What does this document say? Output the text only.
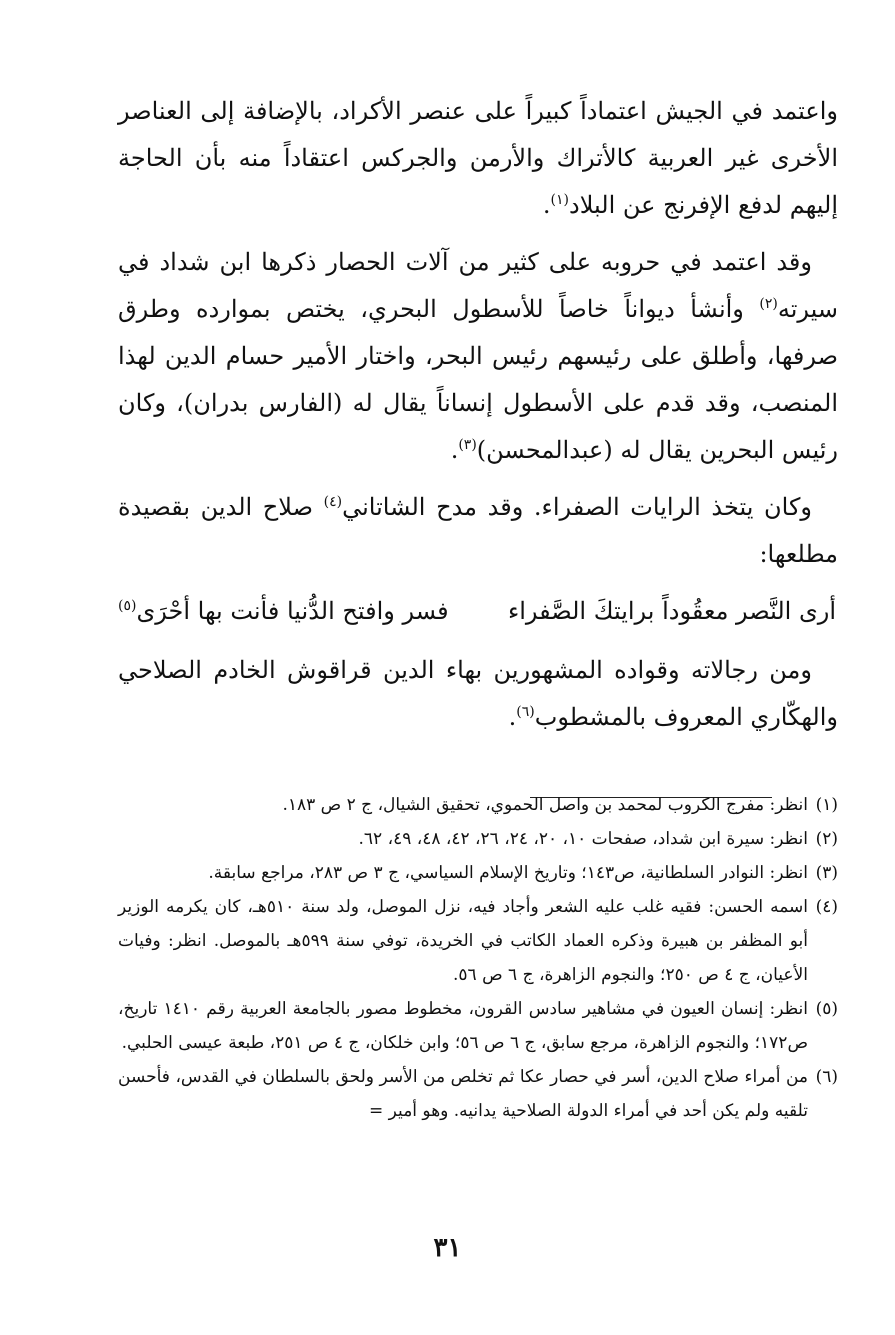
واعتمد في الجيش اعتماداً كبيراً على عنصر الأكراد، بالإضافة إلى العناصر الأخرى غير العربية كالأتراك والأرمن والجركس اعتقاداً منه بأن الحاجة إليهم لدفع الإفرنج عن البلاد$^{(١)}$.

وقد اعتمد في حروبه على كثير من آلات الحصار ذكرها ابن شداد في سيرته$^{(٢)}$ وأنشأ ديواناً خاصاً للأسطول البحري، يختص بموارده وطرق صرفها، وأطلق على رئيسهم رئيس البحر، واختار الأمير حسام الدين لهذا المنصب، وقد قدم على الأسطول إنساناً يقال له (الفارس بدران)، وكان رئيس البحرين يقال له (عبدالمحسن)$^{(٣)}$.

وكان يتخذ الرايات الصفراء. وقد مدح الشاتاني$^{(٤)}$ صلاح الدين بقصيدة مطلعها:

أرى النَّصر معقُوداً برايتكَ الصَّفراء
فسر وافتح الدُّنيا فأنت بها أحْرَى$^{(٥)}$

ومن رجالاته وقواده المشهورين بهاء الدين قراقوش الخادم الصلاحي والهكّاري المعروف بالمشطوب$^{(٦)}$.

(١)
انظر: مفرج الكروب لمحمد بن واصل الحموي، تحقيق الشيال، ج ٢ ص ١٨٣.
(٢)
انظر: سيرة ابن شداد، صفحات ١٠، ٢٠، ٢٤، ٢٦، ٤٢، ٤٨، ٤٩، ٦٢.
(٣)
انظر: النوادر السلطانية، ص١٤٣؛ وتاريخ الإسلام السياسي، ج ٣ ص ٢٨٣، مراجع سابقة.
(٤)
اسمه الحسن: فقيه غلب عليه الشعر وأجاد فيه، نزل الموصل، ولد سنة ٥١٠هـ، كان يكرمه الوزير أبو المظفر بن هبيرة وذكره العماد الكاتب في الخريدة، توفي سنة ٥٩٩هـ بالموصل. انظر: وفيات الأعيان، ج ٤ ص ٢٥٠؛ والنجوم الزاهرة، ج ٦ ص ٥٦.
(٥)
انظر: إنسان العيون في مشاهير سادس القرون، مخطوط مصور بالجامعة العربية رقم ١٤١٠ تاريخ، ص١٧٢؛ والنجوم الزاهرة، مرجع سابق، ج ٦ ص ٥٦؛ وابن خلكان، ج ٤ ص ٢٥١، طبعة عيسى الحلبي.
(٦)
من أمراء صلاح الدين، أسر في حصار عكا ثم تخلص من الأسر ولحق بالسلطان في القدس، فأحسن تلقيه ولم يكن أحد في أمراء الدولة الصلاحية يدانيه. وهو أمير =
٣١
